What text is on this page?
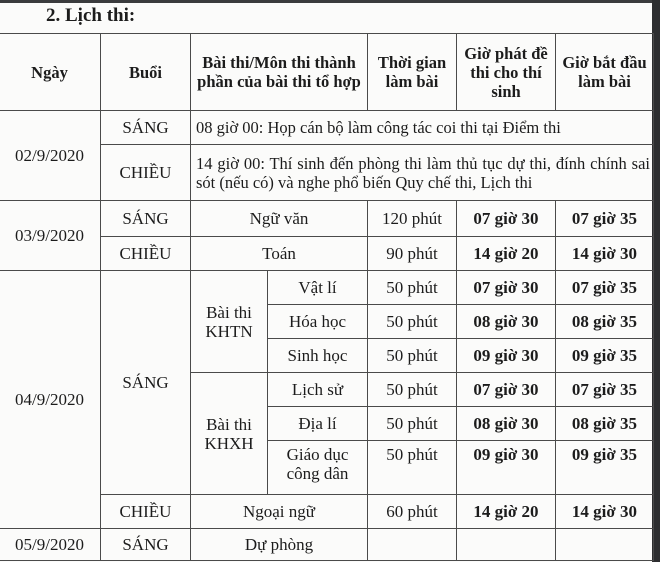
2. Lịch thi:
Ngày	Buổi	Bài thi/Môn thi thành phần của bài thi tổ hợp		Thời gian làm bài	Giờ phát đề thi cho thí sinh	Giờ bắt đầu làm bài
02/9/2020	SÁNG	08 giờ 00: Họp cán bộ làm công tác coi thi tại Điểm thi				
	CHIỀU	14 giờ 00: Thí sinh đến phòng thi làm thủ tục dự thi, đính chính sai sót (nếu có) và nghe phổ biến Quy chế thi, Lịch thi				
03/9/2020	SÁNG	Ngữ văn		120 phút	07 giờ 30	07 giờ 35
	CHIỀU	Toán		90 phút	14 giờ 20	14 giờ 30
04/9/2020	SÁNG	Bài thi KHTN	Vật lí	50 phút	07 giờ 30	07 giờ 35
			Hóa học	50 phút	08 giờ 30	08 giờ 35
			Sinh học	50 phút	09 giờ 30	09 giờ 35
		Bài thi KHXH	Lịch sử	50 phút	07 giờ 30	07 giờ 35
			Địa lí	50 phút	08 giờ 30	08 giờ 35
			Giáo dục công dân	50 phút	09 giờ 30	09 giờ 35
	CHIỀU	Ngoại ngữ		60 phút	14 giờ 20	14 giờ 30
05/9/2020	SÁNG	Dự phòng				
